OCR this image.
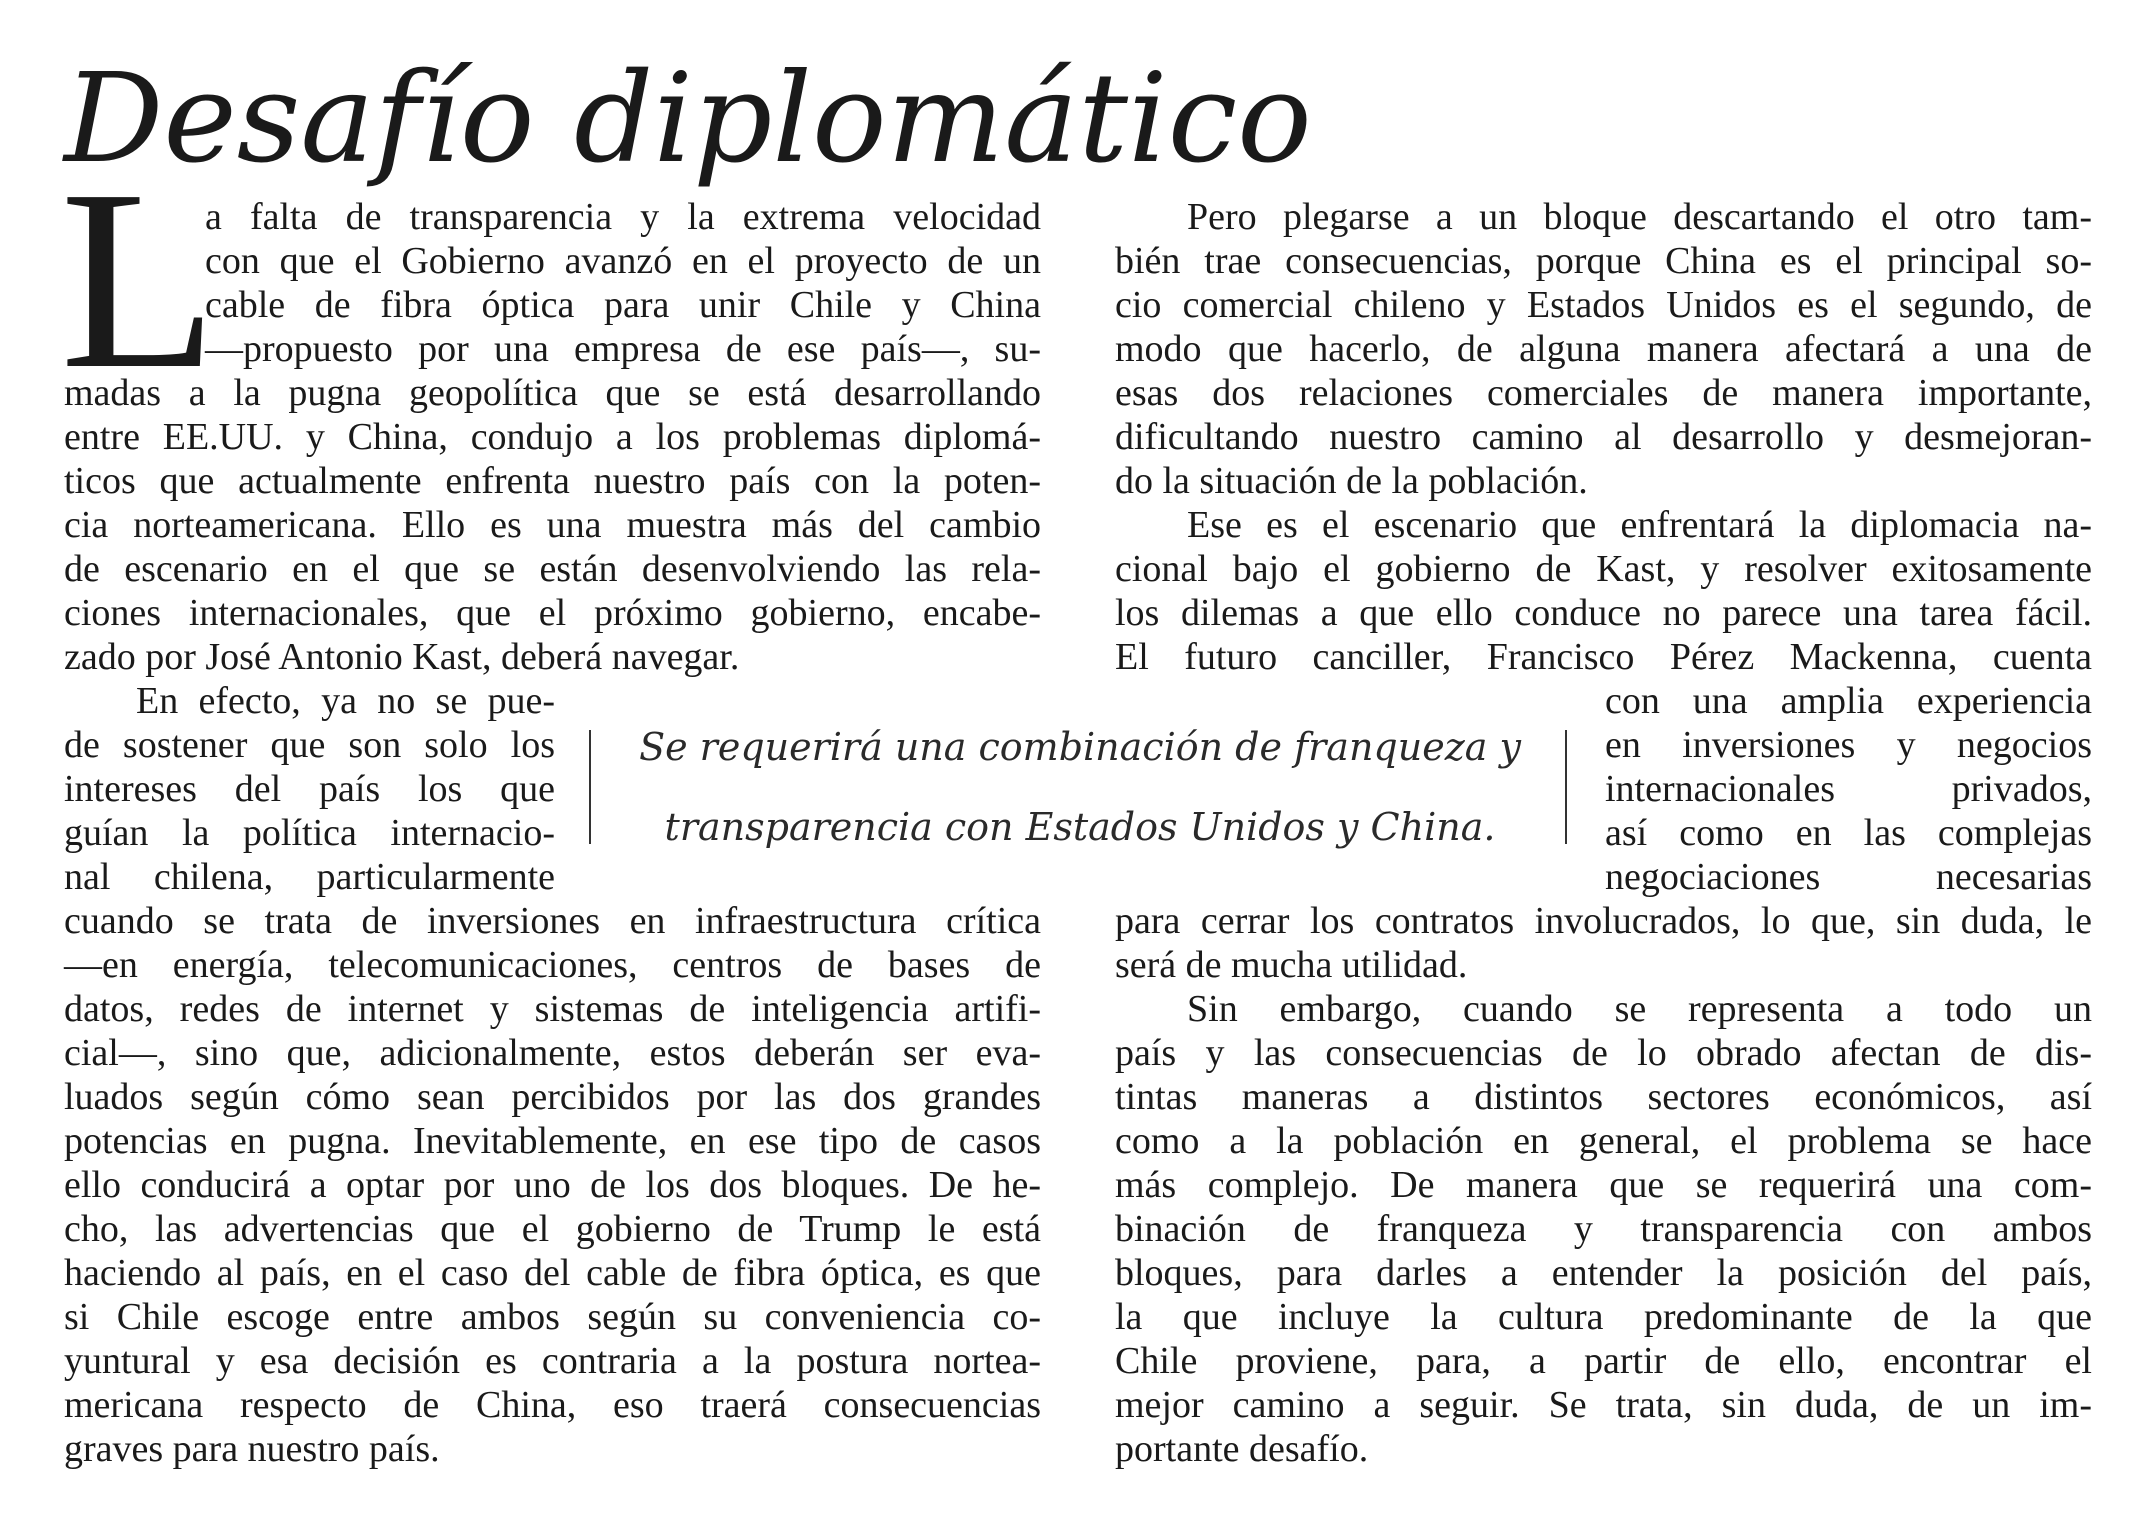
Desafío diplomático
L

a falta de transparencia y la extrema velocidad

con que el Gobierno avanzó en el proyecto de un

cable de fibra óptica para unir Chile y China

—propuesto por una empresa de ese país—, su-

madas a la pugna geopolítica que se está desarrollando

entre EE.UU. y China, condujo a los problemas diplomá-

ticos que actualmente enfrenta nuestro país con la poten-

cia norteamericana. Ello es una muestra más del cambio

de escenario en el que se están desenvolviendo las rela-

ciones internacionales, que el próximo gobierno, encabe-

zado por José Antonio Kast, deberá navegar.

En efecto, ya no se pue-

de sostener que son solo los

intereses del país los que

guían la política internacio-

nal chilena, particularmente

cuando se trata de inversiones en infraestructura crítica

—en energía, telecomunicaciones, centros de bases de

datos, redes de internet y sistemas de inteligencia artifi-

cial—, sino que, adicionalmente, estos deberán ser eva-

luados según cómo sean percibidos por las dos grandes

potencias en pugna. Inevitablemente, en ese tipo de casos

ello conducirá a optar por uno de los dos bloques. De he-

cho, las advertencias que el gobierno de Trump le está

haciendo al país, en el caso del cable de fibra óptica, es que

si Chile escoge entre ambos según su conveniencia co-

yuntural y esa decisión es contraria a la postura nortea-

mericana respecto de China, eso traerá consecuencias

graves para nuestro país.

Se requerirá una combinación de franqueza y

transparencia con Estados Unidos y China.

Pero plegarse a un bloque descartando el otro tam-

bién trae consecuencias, porque China es el principal so-

cio comercial chileno y Estados Unidos es el segundo, de

modo que hacerlo, de alguna manera afectará a una de

esas dos relaciones comerciales de manera importante,

dificultando nuestro camino al desarrollo y desmejoran-

do la situación de la población.

Ese es el escenario que enfrentará la diplomacia na-

cional bajo el gobierno de Kast, y resolver exitosamente

los dilemas a que ello conduce no parece una tarea fácil.

El futuro canciller, Francisco Pérez Mackenna, cuenta

con una amplia experiencia

en inversiones y negocios

internacionales privados,

así como en las complejas

negociaciones necesarias

para cerrar los contratos involucrados, lo que, sin duda, le

será de mucha utilidad.

Sin embargo, cuando se representa a todo un

país y las consecuencias de lo obrado afectan de dis-

tintas maneras a distintos sectores económicos, así

como a la población en general, el problema se hace

más complejo. De manera que se requerirá una com-

binación de franqueza y transparencia con ambos

bloques, para darles a entender la posición del país,

la que incluye la cultura predominante de la que

Chile proviene, para, a partir de ello, encontrar el

mejor camino a seguir. Se trata, sin duda, de un im-

portante desafío.
